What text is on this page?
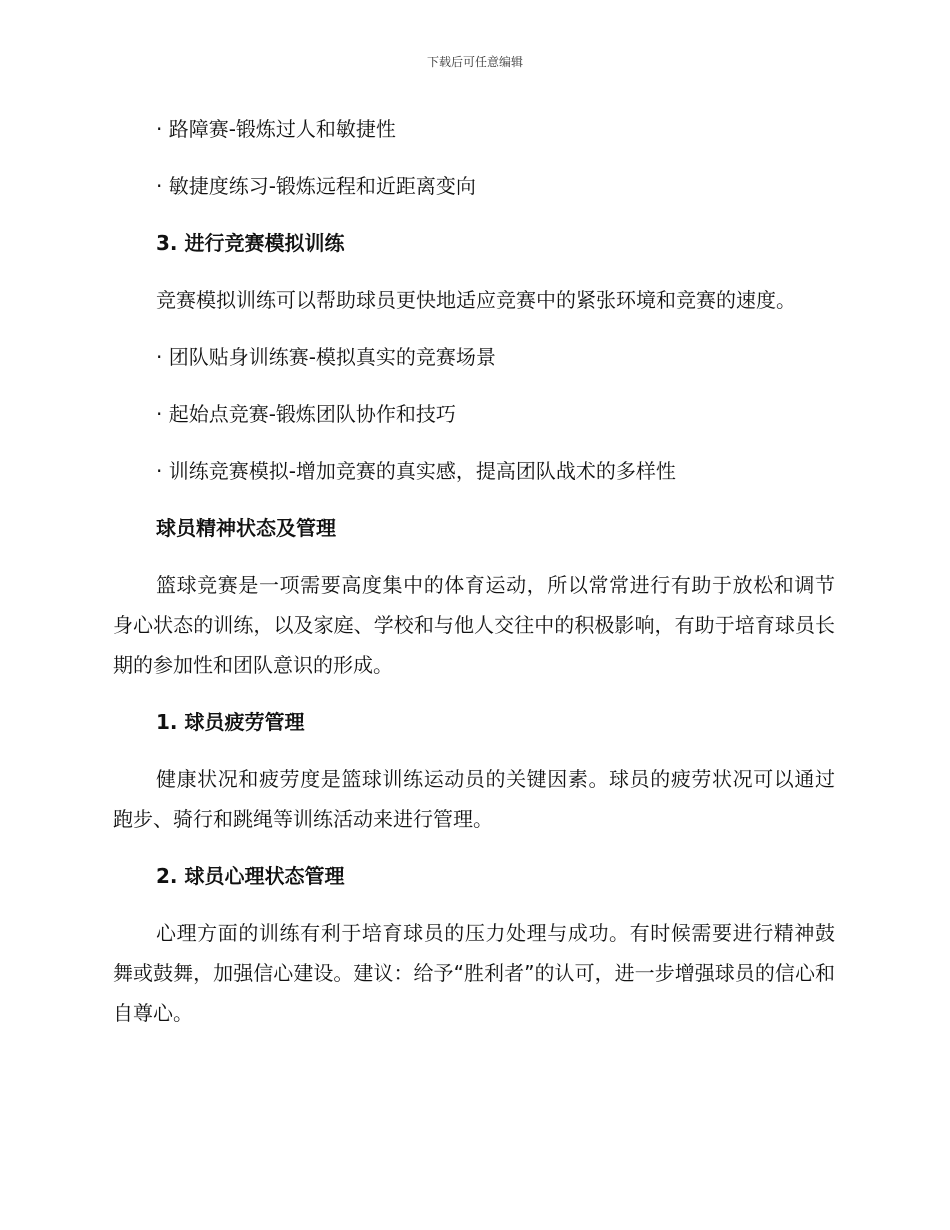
下载后可任意编辑
· 路障赛-锻炼过人和敏捷性
· 敏捷度练习-锻炼远程和近距离变向
3. 进行竞赛模拟训练
竞赛模拟训练可以帮助球员更快地适应竞赛中的紧张环境和竞赛的速度。
· 团队贴身训练赛-模拟真实的竞赛场景
· 起始点竞赛-锻炼团队协作和技巧
· 训练竞赛模拟-增加竞赛的真实感，提高团队战术的多样性
球员精神状态及管理
篮球竞赛是一项需要高度集中的体育运动，所以常常进行有助于放松和调节身心状态的训练，以及家庭、学校和与他人交往中的积极影响，有助于培育球员长期的参加性和团队意识的形成。
1. 球员疲劳管理
健康状况和疲劳度是篮球训练运动员的关键因素。球员的疲劳状况可以通过跑步、骑行和跳绳等训练活动来进行管理。
2. 球员心理状态管理
心理方面的训练有利于培育球员的压力处理与成功。有时候需要进行精神鼓舞或鼓舞，加强信心建设。建议：给予“胜利者”的认可，进一步增强球员的信心和自尊心。
